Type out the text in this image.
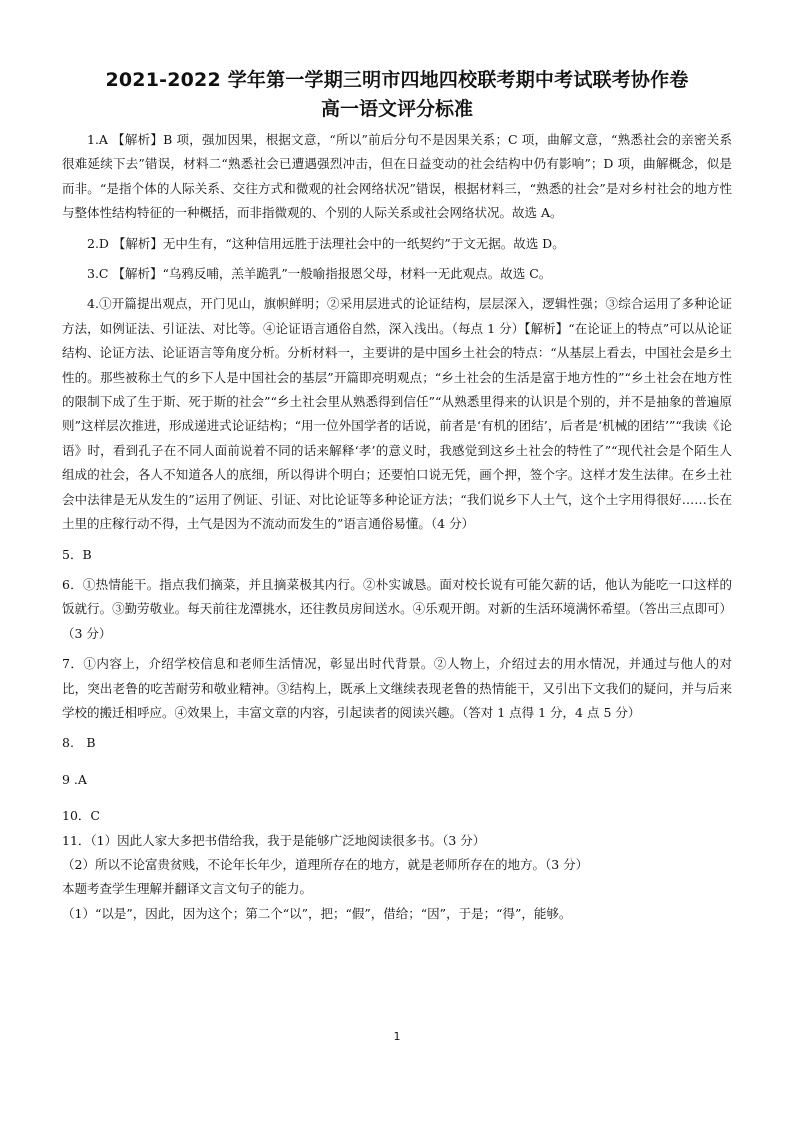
2021-2022 学年第一学期三明市四地四校联考期中考试联考协作卷
高一语文评分标准

1.A 【解析】B 项，强加因果，根据文意，“所以”前后分句不是因果关系；C 项，曲解文意，“熟悉社会的亲密关系很难延续下去”错误，材料二“熟悉社会已遭遇强烈冲击，但在日益变动的社会结构中仍有影响”；D 项，曲解概念，似是而非。“是指个体的人际关系、交往方式和微观的社会网络状况”错误，根据材料三，“熟悉的社会”是对乡村社会的地方性与整体性结构特征的一种概括，而非指微观的、个别的人际关系或社会网络状况。故选 A。

2.D 【解析】无中生有，“这种信用远胜于法理社会中的一纸契约”于文无据。故选 D。

3.C 【解析】“乌鸦反哺，羔羊跪乳”一般喻指报恩父母，材料一无此观点。故选 C。

4.①开篇提出观点，开门见山，旗帜鲜明；②采用层进式的论证结构，层层深入，逻辑性强；③综合运用了多种论证方法，如例证法、引证法、对比等。④论证语言通俗自然，深入浅出。（每点 1 分）【解析】“在论证上的特点”可以从论证结构、论证方法、论证语言等角度分析。分析材料一，主要讲的是中国乡土社会的特点：“从基层上看去，中国社会是乡土性的。那些被称土气的乡下人是中国社会的基层”开篇即亮明观点；“乡土社会的生活是富于地方性的”“乡土社会在地方性的限制下成了生于斯、死于斯的社会”“乡土社会里从熟悉得到信任”“从熟悉里得来的认识是个别的，并不是抽象的普遍原则”这样层次推进，形成递进式论证结构；“用一位外国学者的话说，前者是‘有机的团结’，后者是‘机械的团结’”“我读《论语》时，看到孔子在不同人面前说着不同的话来解释‘孝’的意义时，我感觉到这乡土社会的特性了”“现代社会是个陌生人组成的社会，各人不知道各人的底细，所以得讲个明白；还要怕口说无凭，画个押，签个字。这样才发生法律。在乡土社会中法律是无从发生的”运用了例证、引证、对比论证等多种论证方法；“我们说乡下人土气，这个土字用得很好……长在土里的庄稼行动不得，土气是因为不流动而发生的”语言通俗易懂。（4 分）

5．B

6．①热情能干。指点我们摘菜，并且摘菜极其内行。②朴实诚恳。面对校长说有可能欠薪的话，他认为能吃一口这样的饭就行。③勤劳敬业。每天前往龙潭挑水，还往教员房间送水。④乐观开朗。对新的生活环境满怀希望。（答出三点即可）（3 分）

7．①内容上，介绍学校信息和老师生活情况，彰显出时代背景。②人物上，介绍过去的用水情况，并通过与他人的对比，突出老鲁的吃苦耐劳和敬业精神。③结构上，既承上文继续表现老鲁的热情能干，又引出下文我们的疑问，并与后来学校的搬迁相呼应。④效果上，丰富文章的内容，引起读者的阅读兴趣。（答对 1 点得 1 分，4 点 5 分）

8.　B

9 .A

10．C

11．（1）因此人家大多把书借给我，我于是能够广泛地阅读很多书。（3 分）

（2）所以不论富贵贫贱，不论年长年少，道理所存在的地方，就是老师所存在的地方。（3 分）

本题考查学生理解并翻译文言文句子的能力。

（1）“以是”，因此，因为这个；第二个“以”，把；“假”，借给；“因”，于是；“得”，能够。

1
